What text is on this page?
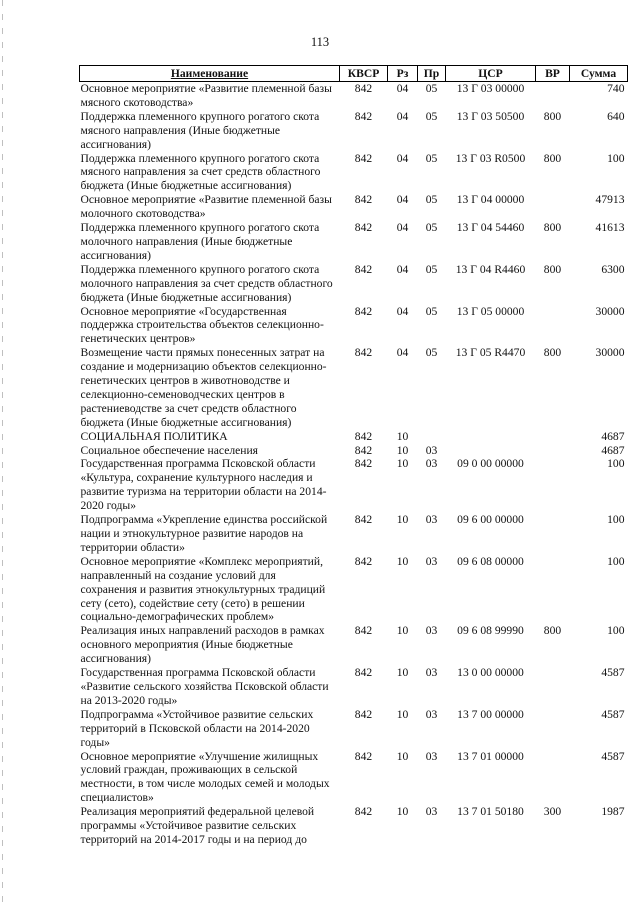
113
Наименование	КВСР	Рз	Пр	ЦСР	ВР	Сумма
Основное мероприятие «Развитие племенной базы мясного скотоводства»	842	04	05	13 Г 03 00000		740
Поддержка племенного крупного рогатого скота мясного направления (Иные бюджетные ассигнования)	842	04	05	13 Г 03 50500	800	640
Поддержка племенного крупного рогатого скота мясного направления за счет средств областного бюджета (Иные бюджетные ассигнования)	842	04	05	13 Г 03 R0500	800	100
Основное мероприятие «Развитие племенной базы молочного скотоводства»	842	04	05	13 Г 04 00000		47913
Поддержка племенного крупного рогатого скота молочного направления (Иные бюджетные ассигнования)	842	04	05	13 Г 04 54460	800	41613
Поддержка племенного крупного рогатого скота молочного направления за счет средств областного бюджета (Иные бюджетные ассигнования)	842	04	05	13 Г 04 R4460	800	6300
Основное мероприятие «Государственная поддержка строительства объектов селекционно-генетических центров»	842	04	05	13 Г 05 00000		30000
Возмещение части прямых понесенных затрат на создание и модернизацию объектов селекционно-генетических центров в животноводстве и селекционно-семеноводческих центров в растениеводстве за счет средств областного бюджета (Иные бюджетные ассигнования)	842	04	05	13 Г 05 R4470	800	30000
СОЦИАЛЬНАЯ ПОЛИТИКА	842	10				4687
Социальное обеспечение населения	842	10	03			4687
Государственная программа Псковской области «Культура, сохранение культурного наследия и развитие туризма на территории области на 2014-2020 годы»	842	10	03	09 0 00 00000		100
Подпрограмма «Укрепление единства российской нации и этнокультурное развитие народов на территории области»	842	10	03	09 6 00 00000		100
Основное мероприятие «Комплекс мероприятий, направленный на создание условий для сохранения и развития этнокультурных традиций сету (сето), содействие сету (сето) в решении социально-демографических проблем»	842	10	03	09 6 08 00000		100
Реализация иных направлений расходов в рамках основного мероприятия (Иные бюджетные ассигнования)	842	10	03	09 6 08 99990	800	100
Государственная программа Псковской области «Развитие сельского хозяйства Псковской области на 2013-2020 годы»	842	10	03	13 0 00 00000		4587
Подпрограмма «Устойчивое развитие сельских территорий в Псковской области на 2014-2020 годы»	842	10	03	13 7 00 00000		4587
Основное мероприятие «Улучшение жилищных условий граждан, проживающих в сельской местности, в том числе молодых семей и молодых специалистов»	842	10	03	13 7 01 00000		4587
Реализация мероприятий федеральной целевой программы «Устойчивое развитие сельских территорий на 2014-2017 годы и на период до	842	10	03	13 7 01 50180	300	1987
